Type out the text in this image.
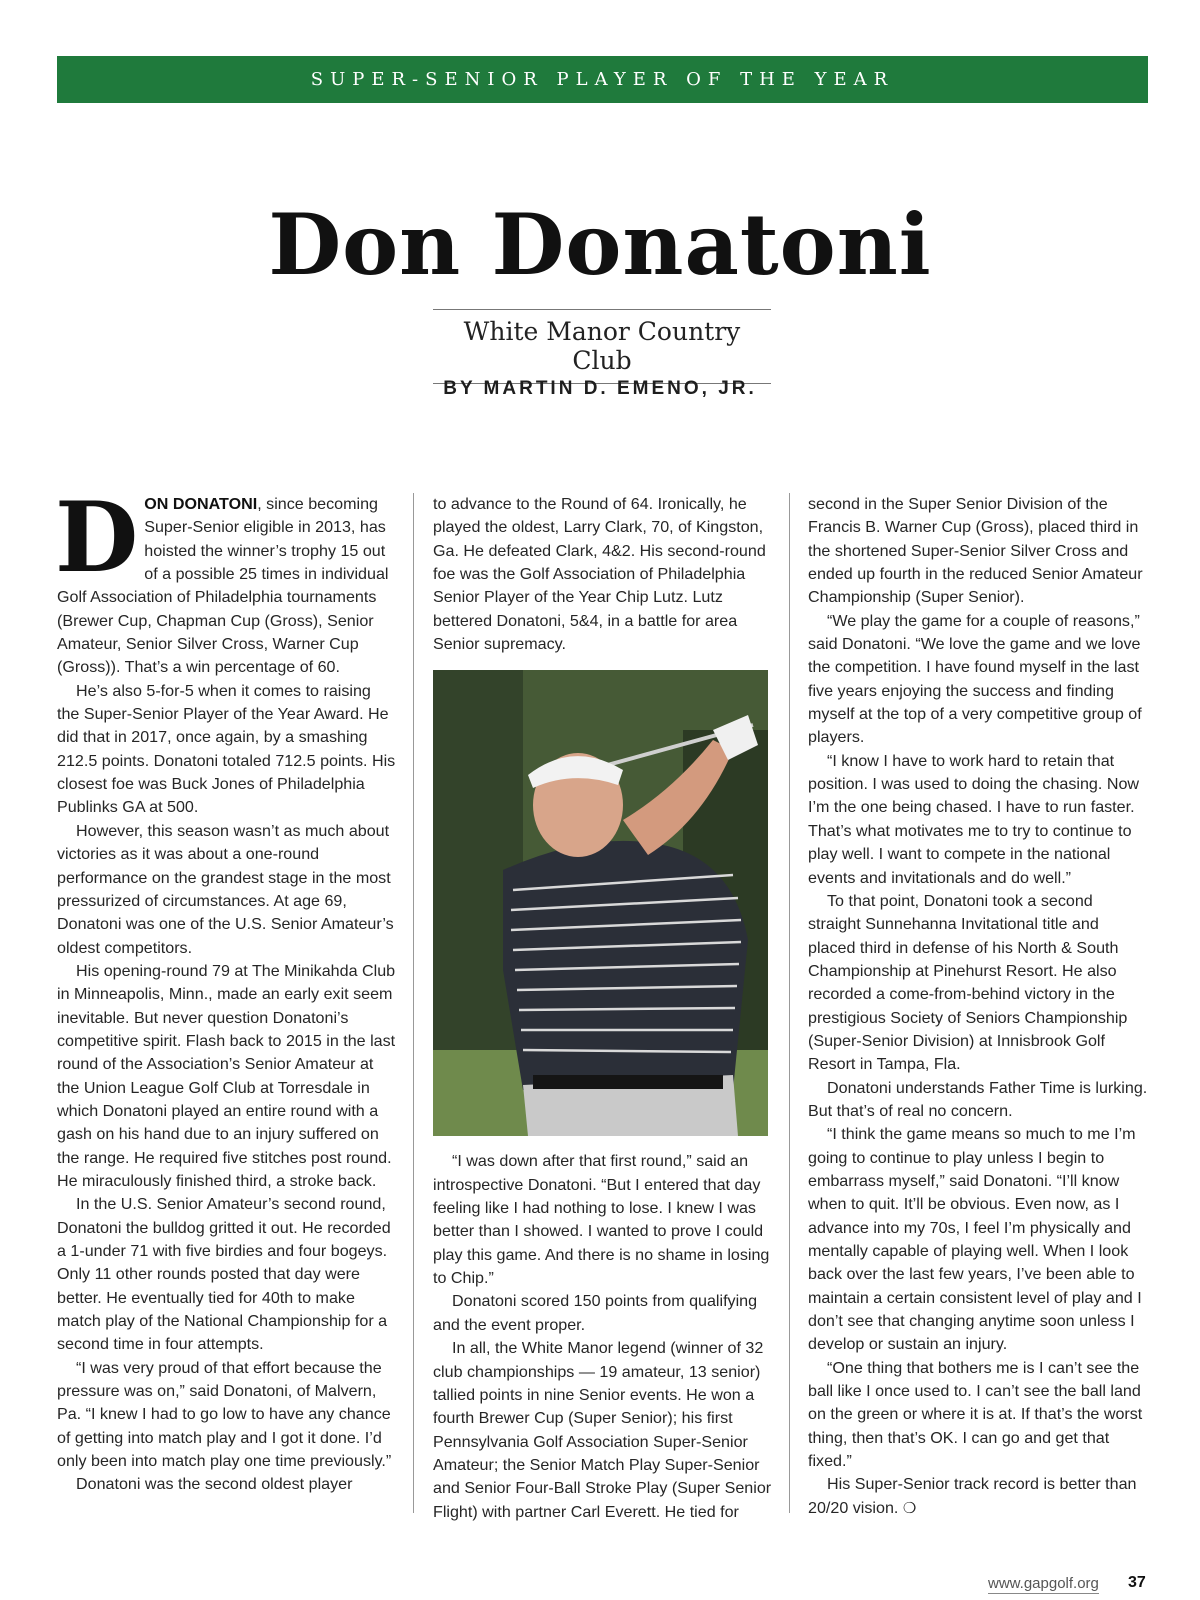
SUPER-SENIOR PLAYER OF THE YEAR
Don Donatoni
White Manor Country Club
BY MARTIN D. EMENO, JR.

DON DONATONI, since becoming Super-Senior eligible in 2013, has hoisted the winner’s trophy 15 out of a possible 25 times in individual Golf Association of Philadelphia tournaments (Brewer Cup, Chapman Cup (Gross), Senior Amateur, Senior Silver Cross, Warner Cup (Gross)). That’s a win percentage of 60.

He’s also 5-for-5 when it comes to raising the Super-Senior Player of the Year Award. He did that in 2017, once again, by a smashing 212.5 points. Donatoni totaled 712.5 points. His closest foe was Buck Jones of Philadelphia Publinks GA at 500.

However, this season wasn’t as much about victories as it was about a one-round performance on the grandest stage in the most pressurized of circumstances. At age 69, Donatoni was one of the U.S. Senior Amateur’s oldest competitors.

His opening-round 79 at The Minikahda Club in Minneapolis, Minn., made an early exit seem inevitable. But never question Donatoni’s competitive spirit. Flash back to 2015 in the last round of the Association’s Senior Amateur at the Union League Golf Club at Torresdale in which Donatoni played an entire round with a gash on his hand due to an injury suffered on the range. He required five stitches post round. He miraculously finished third, a stroke back.

In the U.S. Senior Amateur’s second round, Donatoni the bulldog gritted it out. He recorded a 1-under 71 with five birdies and four bogeys. Only 11 other rounds posted that day were better. He eventually tied for 40th to make match play of the National Championship for a second time in four attempts.

“I was very proud of that effort because the pressure was on,” said Donatoni, of Malvern, Pa. “I knew I had to go low to have any chance of getting into match play and I got it done. I’d only been into match play one time previously.”

Donatoni was the second oldest player

to advance to the Round of 64. Ironically, he played the oldest, Larry Clark, 70, of Kingston, Ga. He defeated Clark, 4&2. His second-round foe was the Golf Association of Philadelphia Senior Player of the Year Chip Lutz. Lutz bettered Donatoni, 5&4, in a battle for area Senior supremacy.

“I was down after that first round,” said an introspective Donatoni. “But I entered that day feeling like I had nothing to lose. I knew I was better than I showed. I wanted to prove I could play this game. And there is no shame in losing to Chip.”

Donatoni scored 150 points from qualifying and the event proper.

In all, the White Manor legend (winner of 32 club championships — 19 amateur, 13 senior) tallied points in nine Senior events. He won a fourth Brewer Cup (Super Senior); his first Pennsylvania Golf Association Super-Senior Amateur; the Senior Match Play Super-Senior and Senior Four-Ball Stroke Play (Super Senior Flight) with partner Carl Everett. He tied for

second in the Super Senior Division of the Francis B. Warner Cup (Gross), placed third in the shortened Super-Senior Silver Cross and ended up fourth in the reduced Senior Amateur Championship (Super Senior).

“We play the game for a couple of reasons,” said Donatoni. “We love the game and we love the competition. I have found myself in the last five years enjoying the success and finding myself at the top of a very competitive group of players.

“I know I have to work hard to retain that position. I was used to doing the chasing. Now I’m the one being chased. I have to run faster. That’s what motivates me to try to continue to play well. I want to compete in the national events and invitationals and do well.”

To that point, Donatoni took a second straight Sunnehanna Invitational title and placed third in defense of his North & South Championship at Pinehurst Resort. He also recorded a come-from-behind victory in the prestigious Society of Seniors Championship (Super-Senior Division) at Innisbrook Golf Resort in Tampa, Fla.

Donatoni understands Father Time is lurking. But that’s of real no concern.

“I think the game means so much to me I’m going to continue to play unless I begin to embarrass myself,” said Donatoni. “I’ll know when to quit. It’ll be obvious. Even now, as I advance into my 70s, I feel I’m physically and mentally capable of playing well. When I look back over the last few years, I’ve been able to maintain a certain consistent level of play and I don’t see that changing anytime soon unless I develop or sustain an injury.

“One thing that bothers me is I can’t see the ball like I once used to. I can’t see the ball land on the green or where it is at. If that’s the worst thing, then that’s OK. I can go and get that fixed.”

His Super-Senior track record is better than 20/20 vision. ❍

www.gapgolf.org 37
